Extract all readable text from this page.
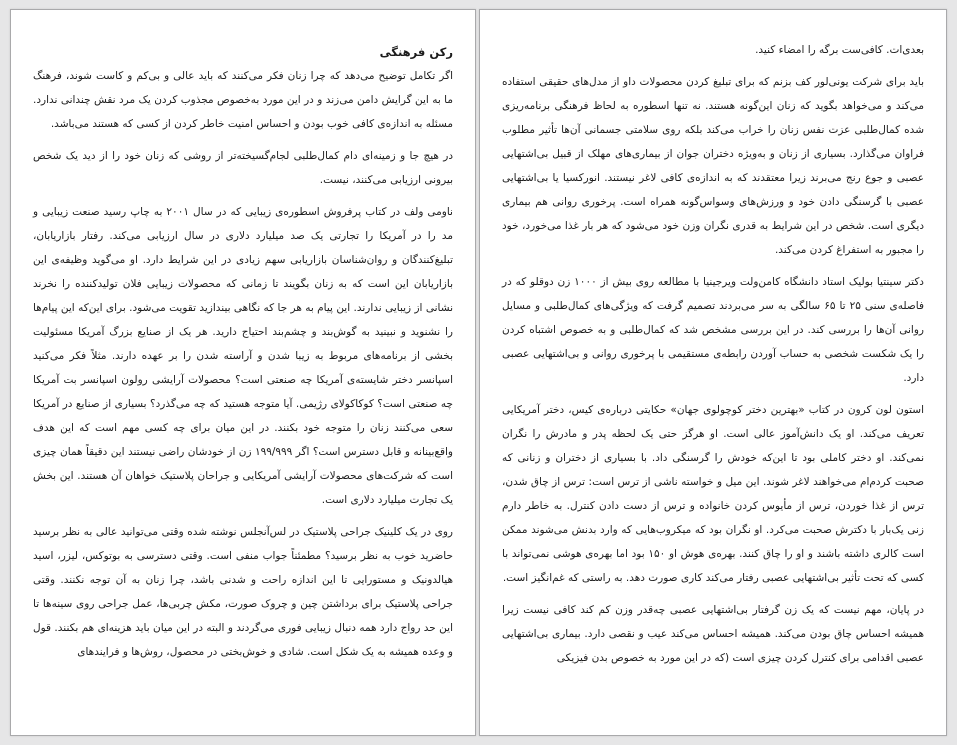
بعدی‌ات. کافی‌ست برگه را امضاء کنید.

باید برای شرکت یونی‌لور کف بزنم که برای تبلیغ کردن محصولات داو از مدل‌های حقیقی استفاده می‌کند و می‌خواهد بگوید که زنان این‌گونه هستند. نه تنها اسطوره به لحاظ فرهنگی برنامه‌ریزی شده کمال‌طلبی عزت نفس زنان را خراب می‌کند بلکه روی سلامتی جسمانی آن‌ها تأثیر مطلوب فراوان می‌گذارد. بسیاری از زنان و به‌ویژه دختران جوان از بیماری‌های مهلک از قبیل بی‌اشتهایی عصبی و جوع رنج می‌برند زیرا معتقدند که به اندازه‌ی کافی لاغر نیستند. انورکسیا یا بی‌اشتهایی عصبی با گرسنگی دادن خود و ورزش‌های وسواس‌گونه همراه است. پرخوری روانی هم بیماری دیگری است. شخص در این شرایط به قدری نگران وزن خود می‌شود که هر بار غذا می‌خورد، خود را مجبور به استفراغ کردن می‌کند.

دکتر سینتیا بولیک استاد دانشگاه کامن‌ولت ویرجینیا با مطالعه روی بیش از ۱۰۰۰ زن دوقلو که در فاصله‌ی سنی ۲۵ تا ۶۵ سالگی به سر می‌بردند تصمیم گرفت که ویژگی‌های کمال‌طلبی و مسایل روانی آن‌ها را بررسی کند. در این بررسی مشخص شد که کمال‌طلبی و به خصوص اشتباه کردن را یک شکست شخصی به حساب آوردن رابطه‌ی مستقیمی با پرخوری روانی و بی‌اشتهایی عصبی دارد.

استون لون کرون در کتاب «بهترین دختر کوچولوی جهان» حکایتی درباره‌ی کیس، دختر آمریکایی تعریف می‌کند. او یک دانش‌آموز عالی است. او هرگز حتی یک لحظه پدر و مادرش را نگران نمی‌کند. او دختر کاملی بود تا این‌که خودش را گرسنگی داد. با بسیاری از دختران و زنانی که صحبت کردم‌ام می‌خواهند لاغر شوند. این میل و خواسته ناشی از ترس است: ترس از چاق شدن، ترس از غذا خوردن، ترس از مأیوس کردن خانواده و ترس از دست دادن کنترل. به خاطر دارم زنی یک‌بار با دکترش صحبت می‌کرد. او نگران بود که میکروب‌هایی که وارد بدنش می‌شوند ممکن است کالری داشته باشند و او را چاق کنند. بهره‌ی هوش او ۱۵۰ بود اما بهره‌ی هوشی نمی‌تواند با کسی که تحت تأثیر بی‌اشتهایی عصبی رفتار می‌کند کاری صورت دهد. به راستی که غم‌انگیز است.

در پایان، مهم نیست که یک زن گرفتار بی‌اشتهایی عصبی چه‌قدر وزن کم کند کافی نیست زیرا همیشه احساس چاق بودن می‌کند. همیشه احساس می‌کند عیب و نقصی دارد. بیماری بی‌اشتهایی عصبی اقدامی برای کنترل کردن چیزی است (که در این مورد به خصوص بدن فیزیکی

رکن فرهنگی

اگر تکامل توضیح می‌دهد که چرا زنان فکر می‌کنند که باید عالی و بی‌کم و کاست شوند، فرهنگ ما به این گرایش دامن می‌زند و در این مورد به‌خصوص مجذوب کردن یک مرد نقش چندانی ندارد. مسئله به اندازه‌ی کافی خوب بودن و احساس امنیت خاطر کردن از کسی که هستند می‌باشد.

در هیچ جا و زمینه‌ای دام کمال‌طلبی لجام‌گسیخته‌تر از روشی که زنان خود را از دید یک شخص بیرونی ارزیابی می‌کنند، نیست.

ناومی ولف در کتاب پرفروش اسطوره‌ی زیبایی که در سال ۲۰۰۱ به چاپ رسید صنعت زیبایی و مد را در آمریکا را تجارتی یک صد میلیارد دلاری در سال ارزیابی می‌کند. رفتار بازاریابان، تبلیغ‌کنندگان و روان‌شناسان بازاریابی سهم زیادی در این شرایط دارد. او می‌گوید وظیفه‌ی این بازاریابان این است که به زنان بگویند تا زمانی که محصولات زیبایی فلان تولیدکننده را نخرند نشانی از زیبایی ندارند. این پیام به هر جا که نگاهی بیندازید تقویت می‌شود. برای این‌که این پیام‌ها را نشنوید و نبینید به گوش‌بند و چشم‌بند احتیاج دارید. هر یک از صنایع بزرگ آمریکا مسئولیت بخشی از برنامه‌های مربوط به زیبا شدن و آراسته شدن را بر عهده دارند. مثلاً فکر می‌کنید اسپانسر دختر شایسته‌ی آمریکا چه صنعتی است؟ محصولات آرایشی رولون اسپانسر بت آمریکا چه صنعتی است؟ کوکاکولای رژیمی. آیا متوجه هستید که چه می‌گذرد؟ بسیاری از صنایع در آمریکا سعی می‌کنند زنان را متوجه خود بکنند. در این میان برای چه کسی مهم است که این هدف واقع‌بینانه و قابل دسترس است؟ اگر ۱۹۹/۹۹۹ زن از خودشان راضی نیستند این دقیقاً همان چیزی است که شرکت‌های محصولات آرایشی آمریکایی و جراحان پلاستیک خواهان آن هستند. این بخش یک تجارت میلیارد دلاری است.

روی در یک کلینیک جراحی پلاستیک در لس‌آنجلس نوشته شده وقتی می‌توانید عالی به نظر برسید حاضرید خوب به نظر برسید؟ مطمئناً جواب منفی است. وقتی دسترسی به بوتوکس، لیزر، اسید هیالدونیک و مستورایی تا این اندازه راحت و شدنی باشد، چرا زنان به آن توجه نکنند. وقتی جراحی پلاستیک برای برداشتن چین و چروک صورت، مکش چربی‌ها، عمل جراحی روی سینه‌ها تا این حد رواج دارد همه دنبال زیبایی فوری می‌گردند و البته در این میان باید هزینه‌ای هم بکنند. قول و وعده همیشه به یک شکل است. شادی و خوش‌بختی در محصول، روش‌ها و فرایندهای
